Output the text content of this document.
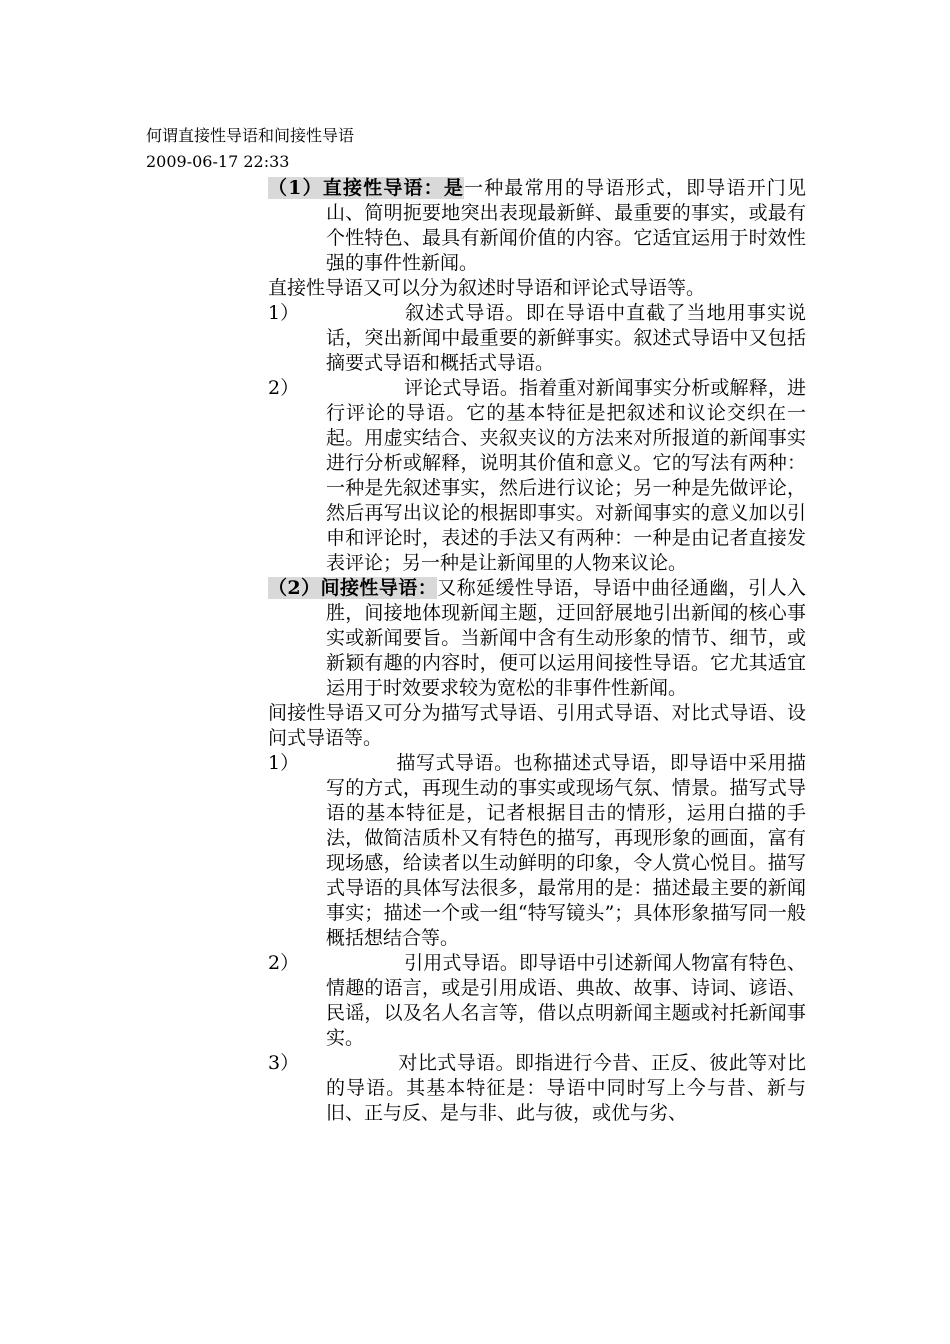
何谓直接性导语和间接性导语
2009-06-17 22:33

（1）直接性导语：是一种最常用的导语形式，即导语开门见山、简明扼要地突出表现最新鲜、最重要的事实，或最有个性特色、最具有新闻价值的内容。它适宜运用于时效性强的事件性新闻。

直接性导语又可以分为叙述时导语和评论式导语等。

1）	叙述式导语。即在导语中直截了当地用事实说话，突出新闻中最重要的新鲜事实。叙述式导语中又包括摘要式导语和概括式导语。
2）	评论式导语。指着重对新闻事实分析或解释，进行评论的导语。它的基本特征是把叙述和议论交织在一起。用虚实结合、夹叙夹议的方法来对所报道的新闻事实进行分析或解释，说明其价值和意义。它的写法有两种：一种是先叙述事实，然后进行议论；另一种是先做评论，然后再写出议论的根据即事实。对新闻事实的意义加以引申和评论时，表述的手法又有两种：一种是由记者直接发表评论；另一种是让新闻里的人物来议论。

（2）间接性导语：又称延缓性导语，导语中曲径通幽，引人入胜，间接地体现新闻主题，迂回舒展地引出新闻的核心事实或新闻要旨。当新闻中含有生动形象的情节、细节，或新颖有趣的内容时，便可以运用间接性导语。它尤其适宜运用于时效要求较为宽松的非事件性新闻。

间接性导语又可分为描写式导语、引用式导语、对比式导语、设问式导语等。

1）	描写式导语。也称描述式导语，即导语中采用描写的方式，再现生动的事实或现场气氛、情景。描写式导语的基本特征是，记者根据目击的情形，运用白描的手法，做简洁质朴又有特色的描写，再现形象的画面，富有现场感，给读者以生动鲜明的印象，令人赏心悦目。描写式导语的具体写法很多，最常用的是：描述最主要的新闻事实；描述一个或一组“特写镜头”；具体形象描写同一般概括想结合等。
2）	引用式导语。即导语中引述新闻人物富有特色、情趣的语言，或是引用成语、典故、故事、诗词、谚语、民谣，以及名人名言等，借以点明新闻主题或衬托新闻事实。
3）	对比式导语。即指进行今昔、正反、彼此等对比的导语。其基本特征是：导语中同时写上今与昔、新与旧、正与反、是与非、此与彼，或优与劣、
